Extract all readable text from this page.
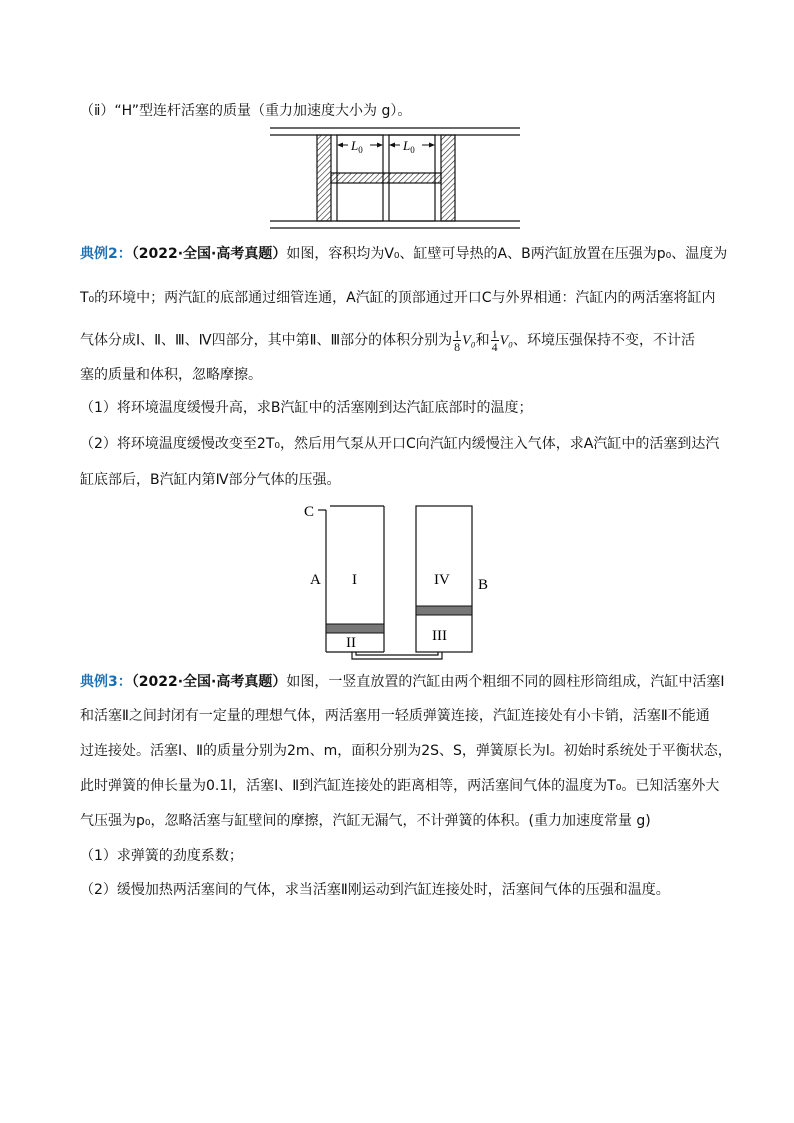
（ⅱ）“H”型连杆活塞的质量（重力加速度大小为 g）。
$L_0$	$L_0$
典例2：（2022·全国·高考真题）如图，容积均为V₀、缸壁可导热的A、B两汽缸放置在压强为p₀、温度为
T₀的环境中；两汽缸的底部通过细管连通，A汽缸的顶部通过开口C与外界相通：汽缸内的两活塞将缸内
气体分成Ⅰ、Ⅱ、Ⅲ、Ⅳ四部分，其中第Ⅱ、Ⅲ部分的体积分别为 $\frac{1}{8} V_0$和 $\frac{1}{4} V_0$、环境压强保持不变，不计活
塞的质量和体积，忽略摩擦。
（1）将环境温度缓慢升高，求B汽缸中的活塞刚到达汽缸底部时的温度；
（2）将环境温度缓慢改变至2T₀，然后用气泵从开口C向汽缸内缓慢注入气体，求A汽缸中的活塞到达汽
缸底部后，B汽缸内第Ⅳ部分气体的压强。
C
A	B
I
II	III
IV
典例3：（2022·全国·高考真题）如图，一竖直放置的汽缸由两个粗细不同的圆柱形筒组成，汽缸中活塞Ⅰ
和活塞Ⅱ之间封闭有一定量的理想气体，两活塞用一轻质弹簧连接，汽缸连接处有小卡销，活塞Ⅱ不能通
过连接处。活塞Ⅰ、Ⅱ的质量分别为2m、m，面积分别为2S、S，弹簧原长为l。初始时系统处于平衡状态，
此时弹簧的伸长量为0.1l，活塞Ⅰ、Ⅱ到汽缸连接处的距离相等，两活塞间气体的温度为T₀。已知活塞外大
气压强为p₀，忽略活塞与缸壁间的摩擦，汽缸无漏气，不计弹簧的体积。(重力加速度常量 g)
（1）求弹簧的劲度系数；
（2）缓慢加热两活塞间的气体，求当活塞Ⅱ刚运动到汽缸连接处时，活塞间气体的压强和温度。
